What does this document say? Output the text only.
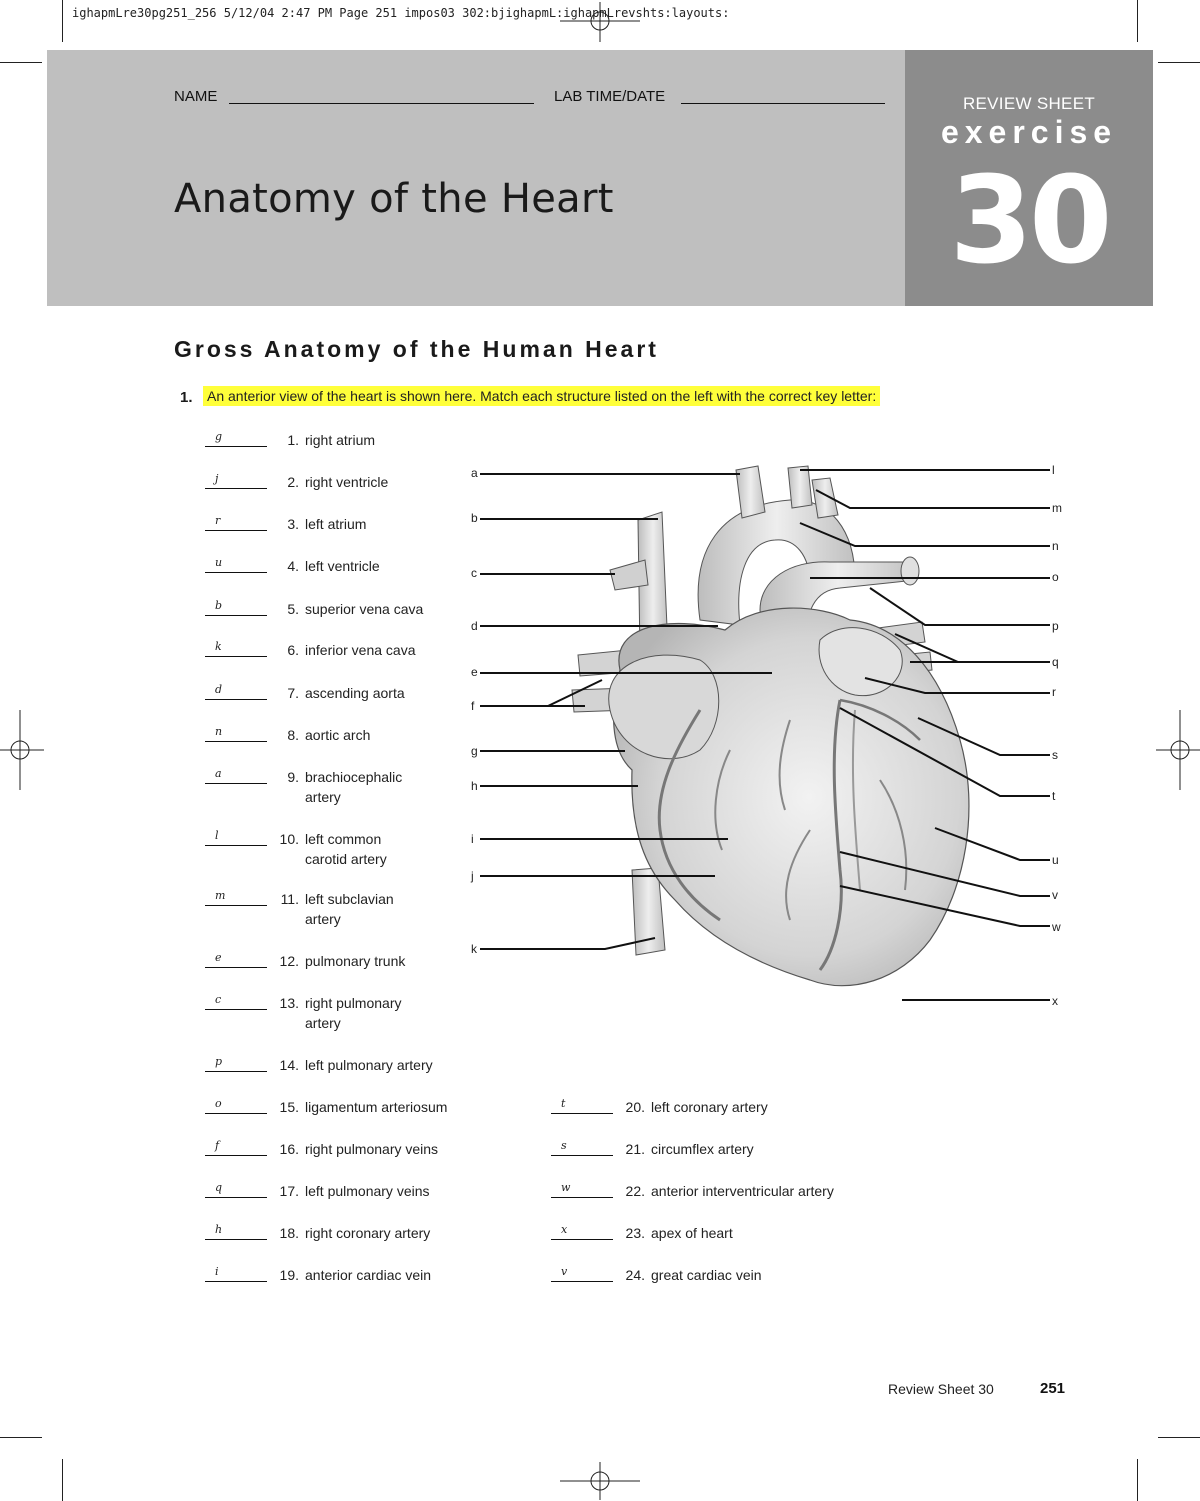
ighapmLre30pg251_256 5/12/04 2:47 PM Page 251 impos03 302:bjighapmL:ighapmLrevshts:layouts:
NAME	LAB TIME/DATE
Anatomy of the Heart
REVIEW SHEET
exercise
30
Gross Anatomy of the Human Heart
1. An anterior view of the heart is shown here. Match each structure listed on the left with the correct key letter:
g	1. right atrium
j	2. right ventricle
r	3. left atrium
u	4. left ventricle
b	5. superior vena cava
k	6. inferior vena cava
d	7. ascending aorta
n	8. aortic arch
a	9. brachiocephalic
artery
l	10. left common
carotid artery
m	11. left subclavian
artery
e	12. pulmonary trunk
c	13. right pulmonary
artery
p	14. left pulmonary artery
o	15. ligamentum arteriosum
f	16. right pulmonary veins
q	17. left pulmonary veins
h	18. right coronary artery
i	19. anterior cardiac vein
t	20. left coronary artery
s	21. circumflex artery
w	22. anterior interventricular artery
x	23. apex of heart
v	24. great cardiac vein
a
b
c
d
e
f
g
h
i
j
k
l
m
n
o
p
q
r
s
t
u
v
w
x
Review Sheet 30	251
